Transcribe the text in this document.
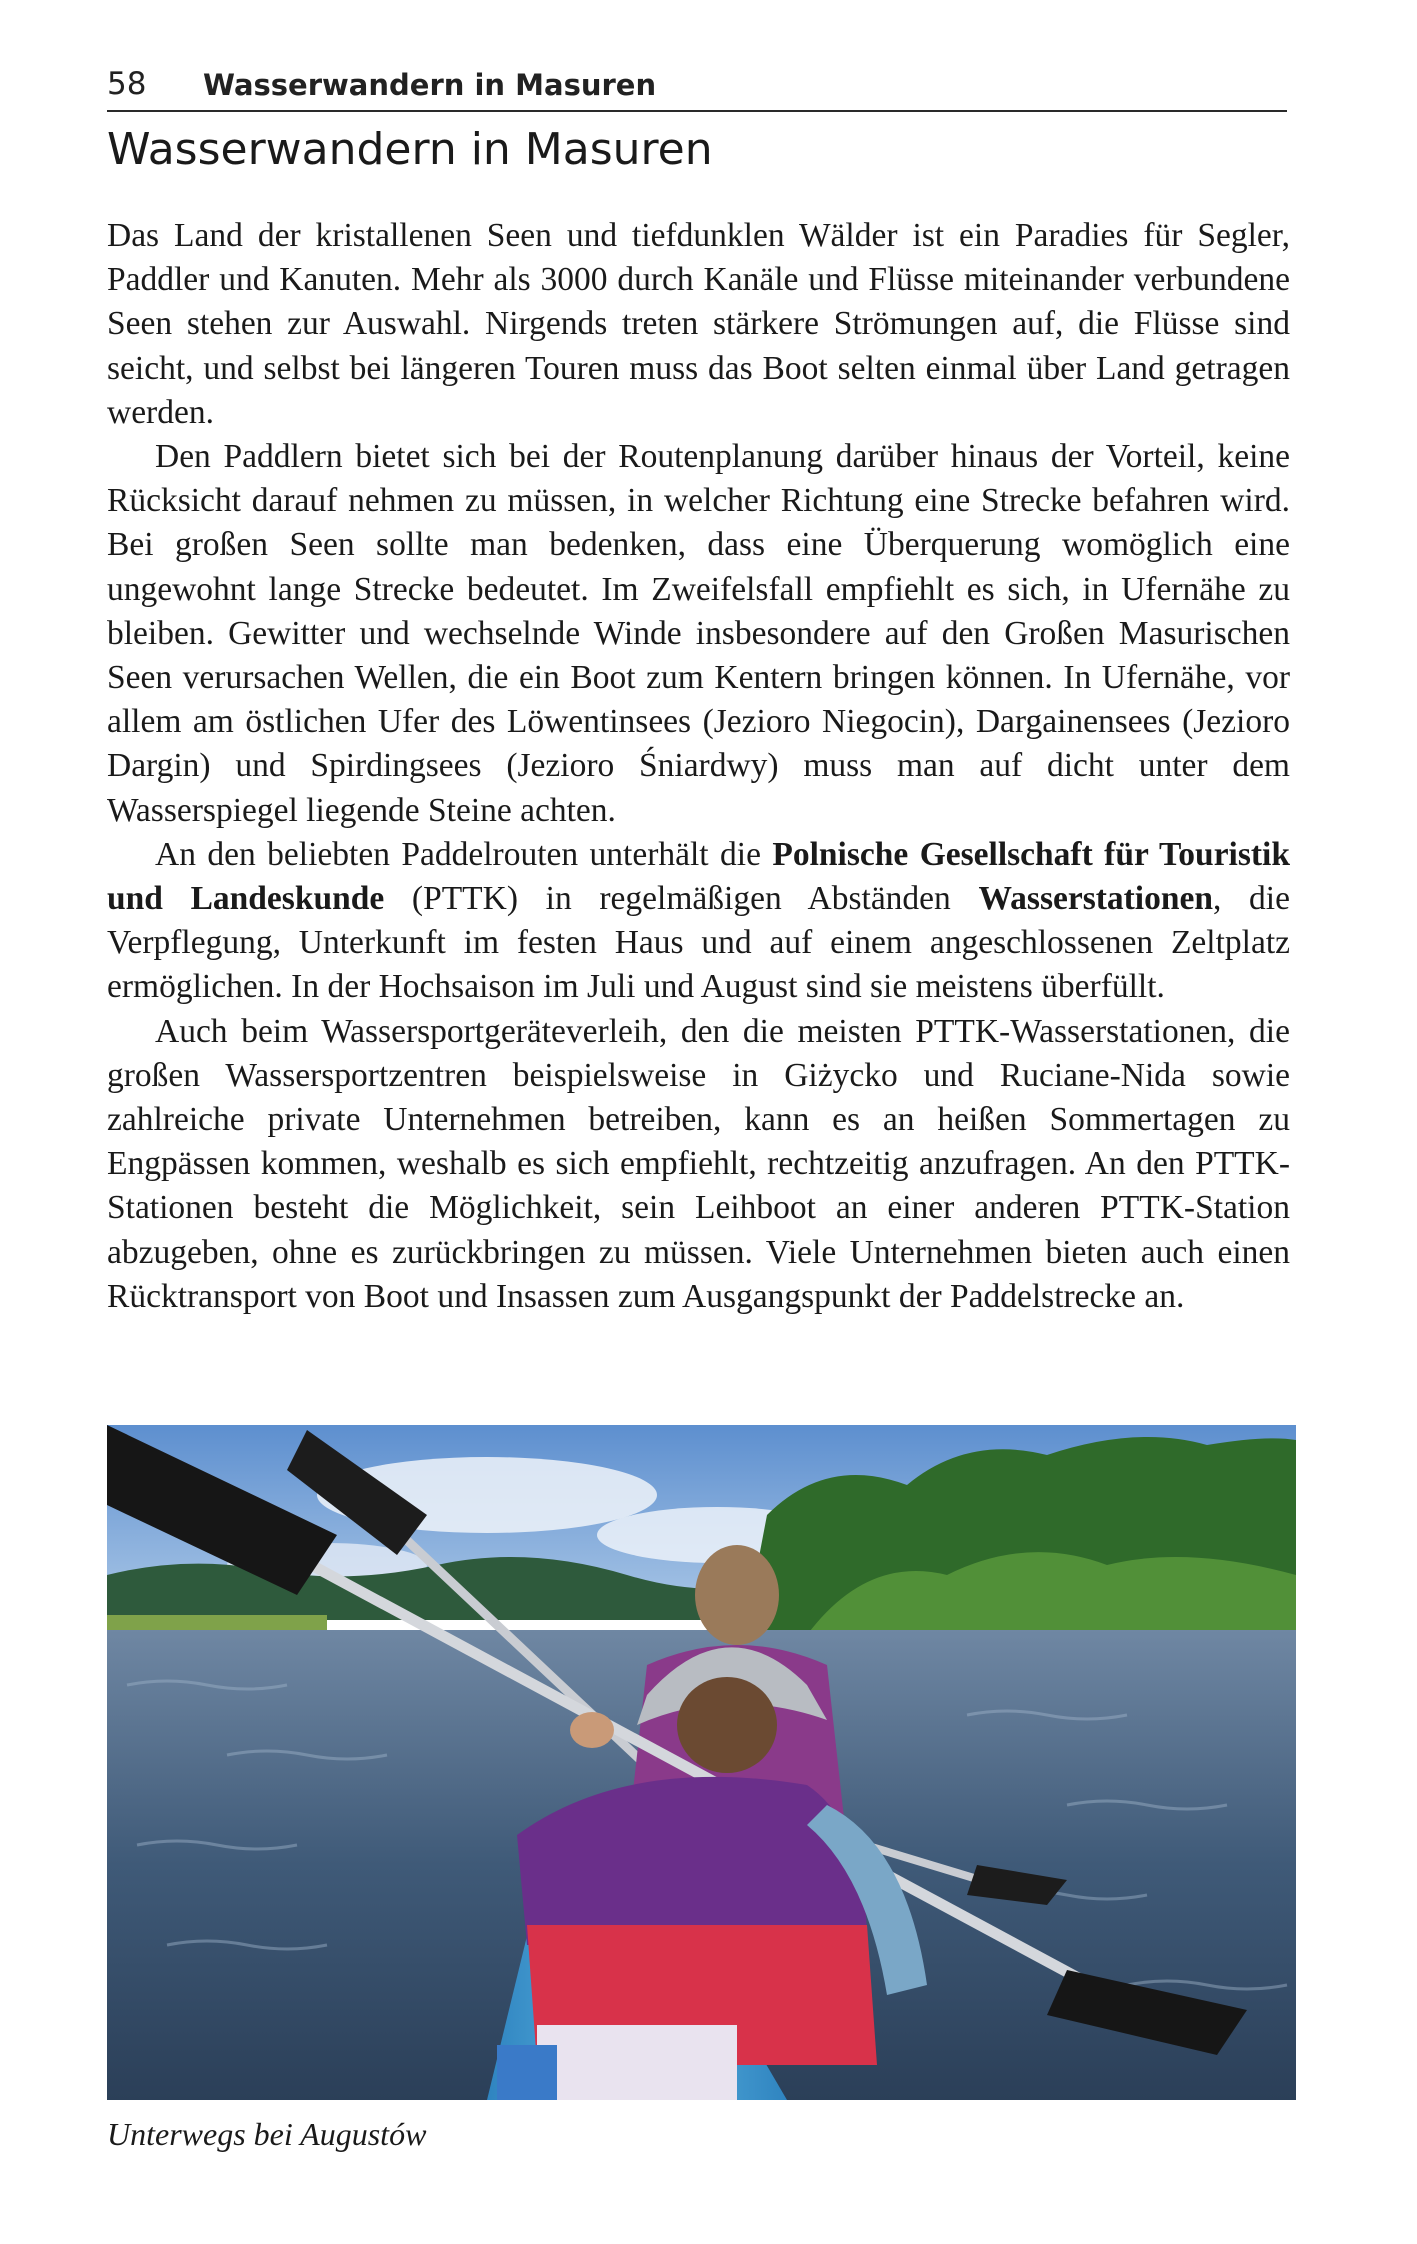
58 Wasserwandern in Masuren
Wasserwandern in Masuren

Das Land der kristallenen Seen und tiefdunklen Wälder ist ein Paradies für Segler, Paddler und Kanuten. Mehr als 3000 durch Kanäle und Flüsse miteinander verbundene Seen stehen zur Auswahl. Nirgends treten stärkere Strömungen auf, die Flüsse sind seicht, und selbst bei längeren Touren muss das Boot selten einmal über Land getragen werden.

Den Paddlern bietet sich bei der Routenplanung darüber hinaus der Vorteil, keine Rücksicht darauf nehmen zu müssen, in welcher Richtung eine Strecke befahren wird. Bei großen Seen sollte man bedenken, dass eine Überquerung womöglich eine ungewohnt lange Strecke bedeutet. Im Zweifelsfall empfiehlt es sich, in Ufernähe zu bleiben. Gewitter und wechselnde Winde insbesondere auf den Großen Masurischen Seen verursachen Wellen, die ein Boot zum Kentern bringen können. In Ufernähe, vor allem am östlichen Ufer des Löwentinsees (Jezioro Niegocin), Dargainensees (Jezioro Dargin) und Spirdingsees (Jezioro Śniardwy) muss man auf dicht unter dem Wasserspiegel liegende Steine achten.

An den beliebten Paddelrouten unterhält die Polnische Gesellschaft für Touristik und Landeskunde (PTTK) in regelmäßigen Abständen Wasserstationen, die Verpflegung, Unterkunft im festen Haus und auf einem angeschlossenen Zeltplatz ermöglichen. In der Hochsaison im Juli und August sind sie meistens überfüllt.

Auch beim Wassersportgeräteverleih, den die meisten PTTK-Wasserstationen, die großen Wassersportzentren beispielsweise in Giżycko und Ruciane-Nida sowie zahlreiche private Unternehmen betreiben, kann es an heißen Sommertagen zu Engpässen kommen, weshalb es sich empfiehlt, rechtzeitig anzufragen. An den PTTK-Stationen besteht die Möglichkeit, sein Leihboot an einer anderen PTTK-Station abzugeben, ohne es zurückbringen zu müssen. Viele Unternehmen bieten auch einen Rücktransport von Boot und Insassen zum Ausgangspunkt der Paddelstrecke an.

Unterwegs bei Augustów
